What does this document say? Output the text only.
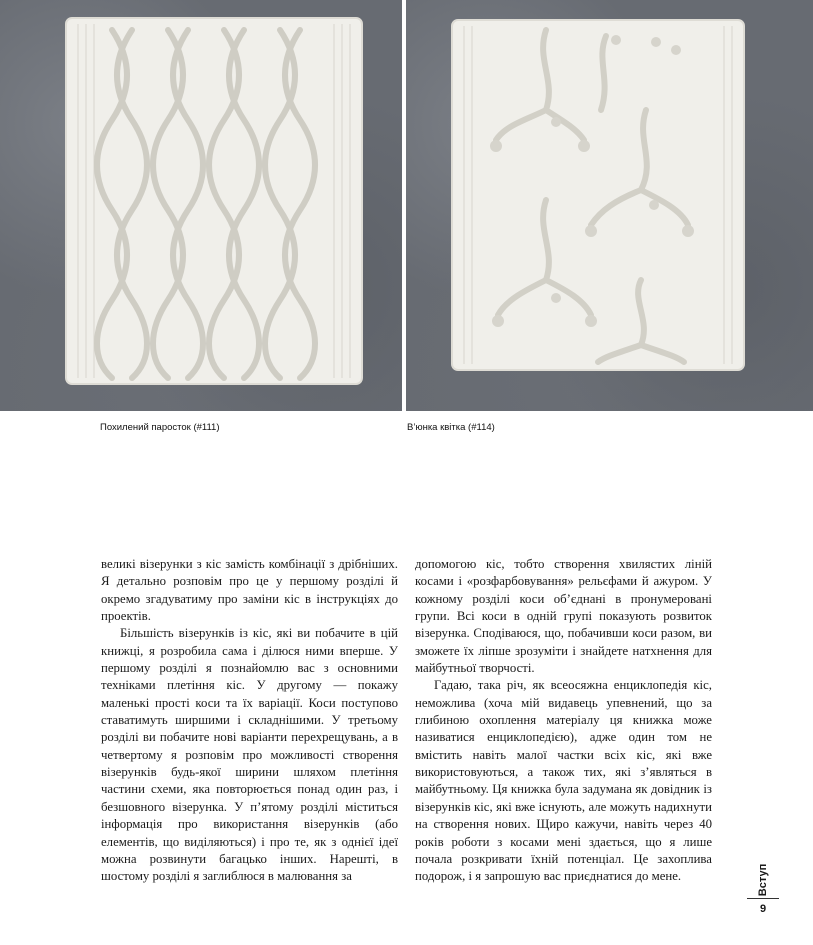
Похилений паросток (#111)	В’юнка квітка (#114)

великі візерунки з кіс замість комбінації з дрібніших. Я детально розповім про це у першому розділі й окремо згадуватиму про заміни кіс в інструкціях до проектів.

Більшість візерунків із кіс, які ви побачите в цій книжці, я розробила сама і ділюся ними вперше. У першому розділі я познайомлю вас з основними техніками плетіння кіс. У другому — покажу маленькі прості коси та їх варіації. Коси поступово ставатимуть ширшими і складнішими. У третьому розділі ви побачите нові варіанти перехрещувань, а в четвертому я розповім про можливості створення візерунків будь-якої ширини шляхом плетіння частини схеми, яка повторюється понад один раз, і безшовного візерунка. У п’ятому розділі міститься інформація про використання візерунків (або елементів, що виділяються) і про те, як з однієї ідеї можна розвинути багацько інших. Нарешті, в шостому розділі я заглиблюся в малювання за

допомогою кіс, тобто створення хвилястих ліній косами і «розфарбовування» рельєфами й ажуром. У кожному розділі коси об’єднані в пронумеровані групи. Всі коси в одній групі показують розвиток візерунка. Сподіваюся, що, побачивши коси разом, ви зможете їх ліпше зрозуміти і знайдете натхнення для майбутньої творчості.

Гадаю, така річ, як всеосяжна енциклопедія кіс, неможлива (хоча мій видавець упевнений, що за глибиною охоплення матеріалу ця книжка може називатися енциклопедією), адже один том не вмістить навіть малої частки всіх кіс, які вже використовуються, а також тих, які з’являться в майбутньому. Ця книжка була задумана як довідник із візерунків кіс, які вже існують, але можуть надихнути на створення нових. Щиро кажучи, навіть через 40 років роботи з косами мені здається, що я лише почала розкривати їхній потенціал. Це захоплива подорож, і я запрошую вас приєднатися до мене.	Вступ
9
